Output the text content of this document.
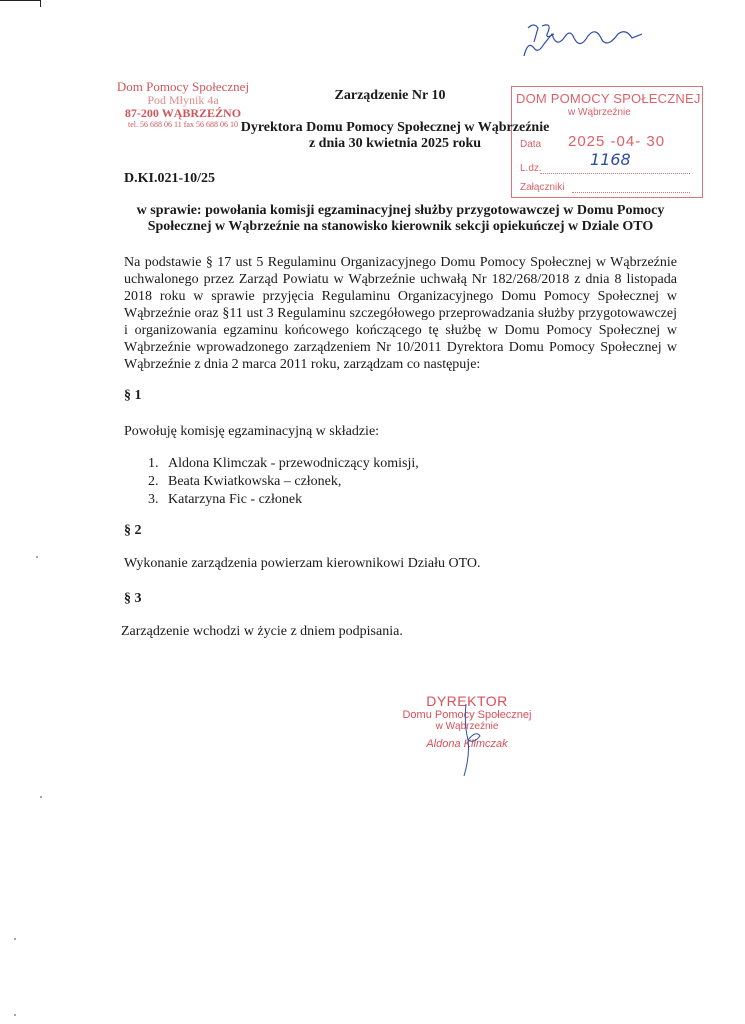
Dom Pomocy Społecznej
Pod Młynik 4a
87-200 WĄBRZEŹNO
tel. 56 688 06 11 fax 56 688 06 10
DOM POMOCY SPOŁECZNEJ
w Wąbrzeźnie
Data 2025 -04- 30
L.dz.
Załączniki
1168
Zarządzenie Nr 10
Dyrektora Domu Pomocy Społecznej w Wąbrzeźnie
z dnia 30 kwietnia 2025 roku
D.KI.021-10/25
w sprawie: powołania komisji egzaminacyjnej służby przygotowawczej w Domu Pomocy Społecznej w Wąbrzeźnie na stanowisko kierownik sekcji opiekuńczej w Dziale OTO
Na podstawie § 17 ust 5 Regulaminu Organizacyjnego Domu Pomocy Społecznej w Wąbrzeźnie uchwalonego przez Zarząd Powiatu w Wąbrzeźnie uchwałą Nr 182/268/2018 z dnia 8 listopada 2018 roku w sprawie przyjęcia Regulaminu Organizacyjnego Domu Pomocy Społecznej w Wąbrzeźnie oraz §11 ust 3 Regulaminu szczegółowego przeprowadzania służby przygotowawczej i organizowania egzaminu końcowego kończącego tę służbę w Domu Pomocy Społecznej w Wąbrzeźnie wprowadzonego zarządzeniem Nr 10/2011 Dyrektora Domu Pomocy Społecznej w Wąbrzeźnie z dnia 2 marca 2011 roku, zarządzam co następuje:
§ 1
Powołuję komisję egzaminacyjną w składzie:
1. Aldona Klimczak - przewodniczący komisji,
2. Beata Kwiatkowska – członek,
3. Katarzyna Fic - członek
§ 2
Wykonanie zarządzenia powierzam kierownikowi Działu OTO.
§ 3
Zarządzenie wchodzi w życie z dniem podpisania.
DYREKTOR
Domu Pomocy Społecznej
w Wąbrzeźnie
Aldona Klimczak
